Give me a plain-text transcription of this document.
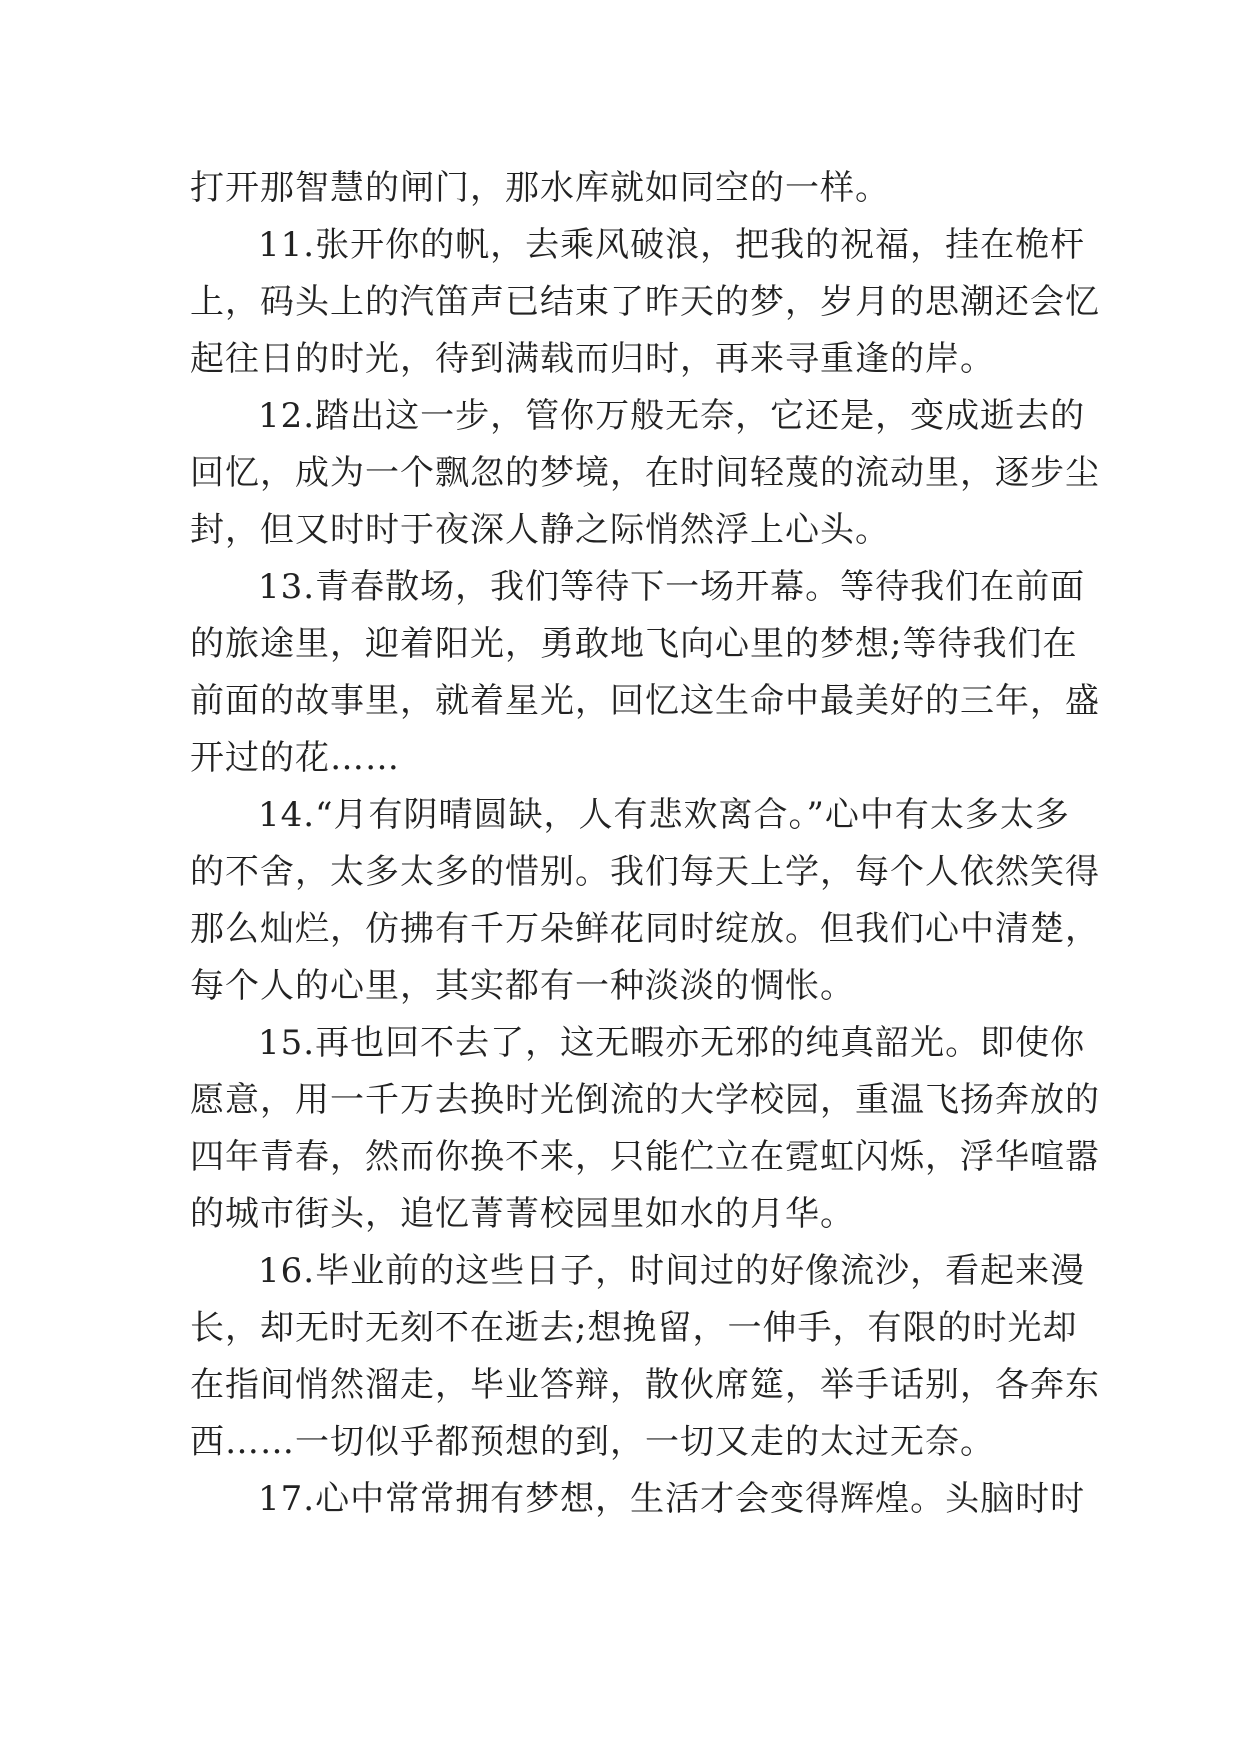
打开那智慧的闸门，那水库就如同空的一样。
11.张开你的帆，去乘风破浪，把我的祝福，挂在桅杆
上，码头上的汽笛声已结束了昨天的梦，岁月的思潮还会忆
起往日的时光，待到满载而归时，再来寻重逢的岸。
12.踏出这一步，管你万般无奈，它还是，变成逝去的
回忆，成为一个飘忽的梦境，在时间轻蔑的流动里，逐步尘
封，但又时时于夜深人静之际悄然浮上心头。
13.青春散场，我们等待下一场开幕。等待我们在前面
的旅途里，迎着阳光，勇敢地飞向心里的梦想;等待我们在
前面的故事里，就着星光，回忆这生命中最美好的三年，盛
开过的花……
14.“月有阴晴圆缺，人有悲欢离合。”心中有太多太多
的不舍，太多太多的惜别。我们每天上学，每个人依然笑得
那么灿烂，仿拂有千万朵鲜花同时绽放。但我们心中清楚，
每个人的心里，其实都有一种淡淡的惆怅。
15.再也回不去了，这无暇亦无邪的纯真韶光。即使你
愿意，用一千万去换时光倒流的大学校园，重温飞扬奔放的
四年青春，然而你换不来，只能伫立在霓虹闪烁，浮华喧嚣
的城市街头，追忆菁菁校园里如水的月华。
16.毕业前的这些日子，时间过的好像流沙，看起来漫
长，却无时无刻不在逝去;想挽留，一伸手，有限的时光却
在指间悄然溜走，毕业答辩，散伙席筵，举手话别，各奔东
西……一切似乎都预想的到，一切又走的太过无奈。
17.心中常常拥有梦想，生活才会变得辉煌。头脑时时
